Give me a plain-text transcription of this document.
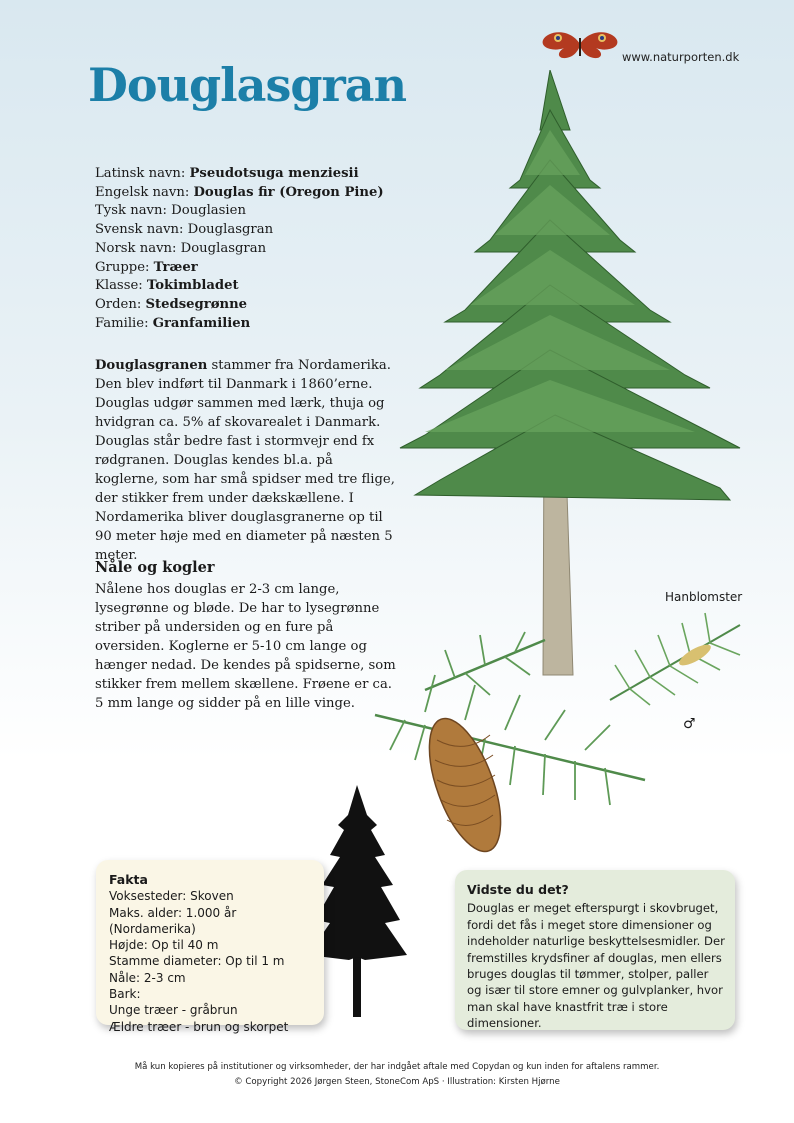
www.naturporten.dk
Douglasgran
Latinsk navn: Pseudotsuga menziesii
Engelsk navn: Douglas fir (Oregon Pine)
Tysk navn: Douglasien
Svensk navn: Douglasgran
Norsk navn: Douglasgran
Gruppe: Træer
Klasse: Tokimbladet
Orden: Stedsegrønne
Familie: Granfamilien
Douglasgranen stammer fra Nordamerika. Den blev indført til Danmark i 1860’erne. Douglas udgør sammen med lærk, thuja og hvidgran ca. 5% af skovarealet i Danmark. Douglas står bedre fast i stormvejr end fx rødgranen. Douglas kendes bl.a. på koglerne, som har små spidser med tre flige, der stikker frem under dækskællene. I Nordamerika bliver douglasgranerne op til 90 meter høje med en diameter på næsten 5 meter.
Nåle og kogler
Nålene hos douglas er 2-3 cm lange, lysegrønne og bløde. De har to lysegrønne striber på undersiden og en fure på oversiden. Koglerne er 5-10 cm lange og hænger nedad. De kendes på spidserne, som stikker frem mellem skællene. Frøene er ca. 5 mm lange og sidder på en lille vinge.
Hanblomster
♂
Fakta
Voksesteder: Skoven
Maks. alder: 1.000 år (Nordamerika)
Højde: Op til 40 m
Stamme diameter: Op til 1 m
Nåle: 2-3 cm
Bark:
Unge træer - gråbrun
Ældre træer - brun og skorpet
Vidste du det?
Douglas er meget efterspurgt i skovbruget, fordi det fås i meget store dimensioner og indeholder naturlige beskyttelsesmidler. Der fremstilles krydsfiner af douglas, men ellers bruges douglas til tømmer, stolper, paller og især til store emner og gulvplanker, hvor man skal have knastfrit træ i store dimensioner.
Må kun kopieres på institutioner og virksomheder, der har indgået aftale med Copydan og kun inden for aftalens rammer.
© Copyright 2026 Jørgen Steen, StoneCom ApS · Illustration: Kirsten Hjørne
